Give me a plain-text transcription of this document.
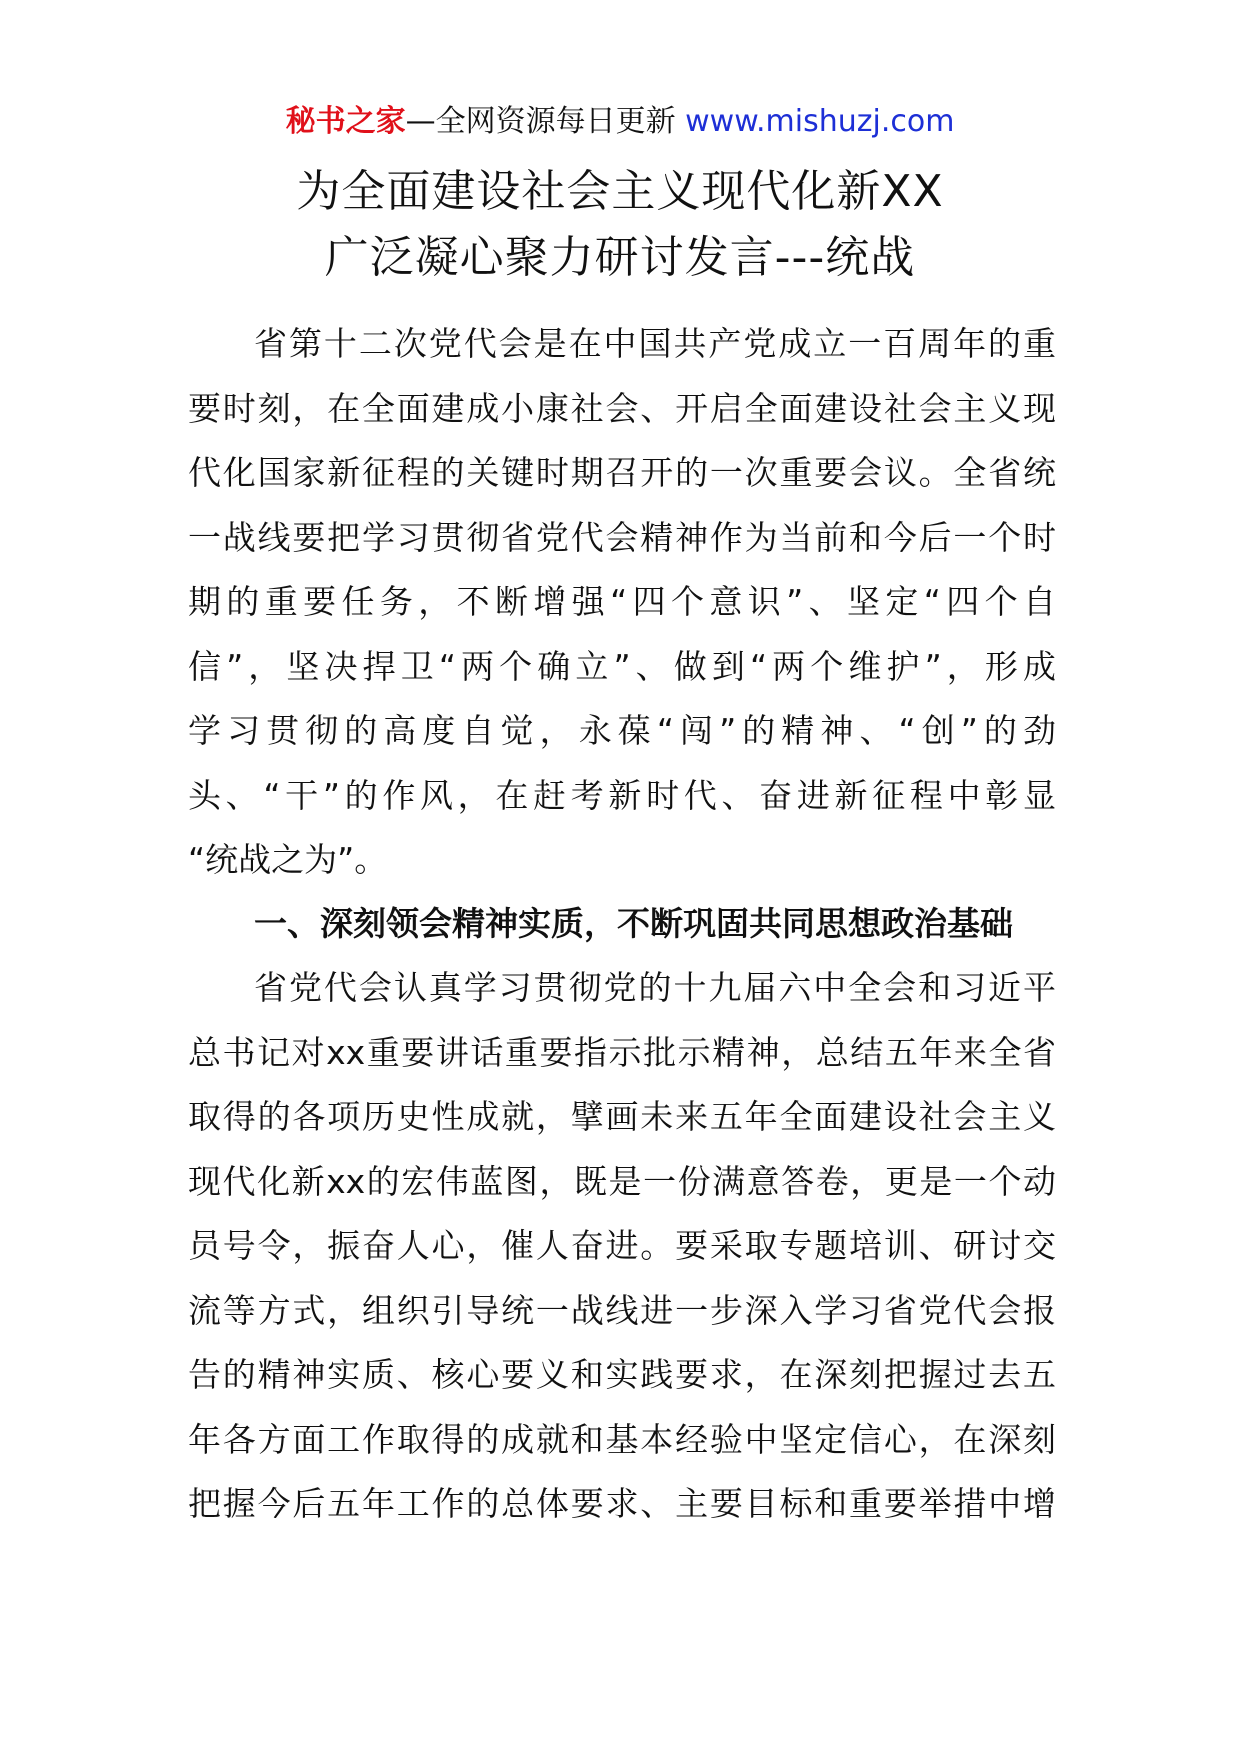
秘书之家—全网资源每日更新 www.mishuzj.com
为全面建设社会主义现代化新XX
广泛凝心聚力研讨发言---统战
省第十二次党代会是在中国共产党成立一百周年的重
要时刻，在全面建成小康社会、开启全面建设社会主义现
代化国家新征程的关键时期召开的一次重要会议。全省统
一战线要把学习贯彻省党代会精神作为当前和今后一个时
期的重要任务，不断增强“四个意识”、坚定“四个自
信”，坚决捍卫“两个确立”、做到“两个维护”，形成
学习贯彻的高度自觉，永葆“闯”的精神、“创”的劲
头、“干”的作风，在赶考新时代、奋进新征程中彰显
“统战之为”。
一、深刻领会精神实质，不断巩固共同思想政治基础
省党代会认真学习贯彻党的十九届六中全会和习近平
总书记对xx重要讲话重要指示批示精神，总结五年来全省
取得的各项历史性成就，擘画未来五年全面建设社会主义
现代化新xx的宏伟蓝图，既是一份满意答卷，更是一个动
员号令，振奋人心，催人奋进。要采取专题培训、研讨交
流等方式，组织引导统一战线进一步深入学习省党代会报
告的精神实质、核心要义和实践要求，在深刻把握过去五
年各方面工作取得的成就和基本经验中坚定信心，在深刻
把握今后五年工作的总体要求、主要目标和重要举措中增
